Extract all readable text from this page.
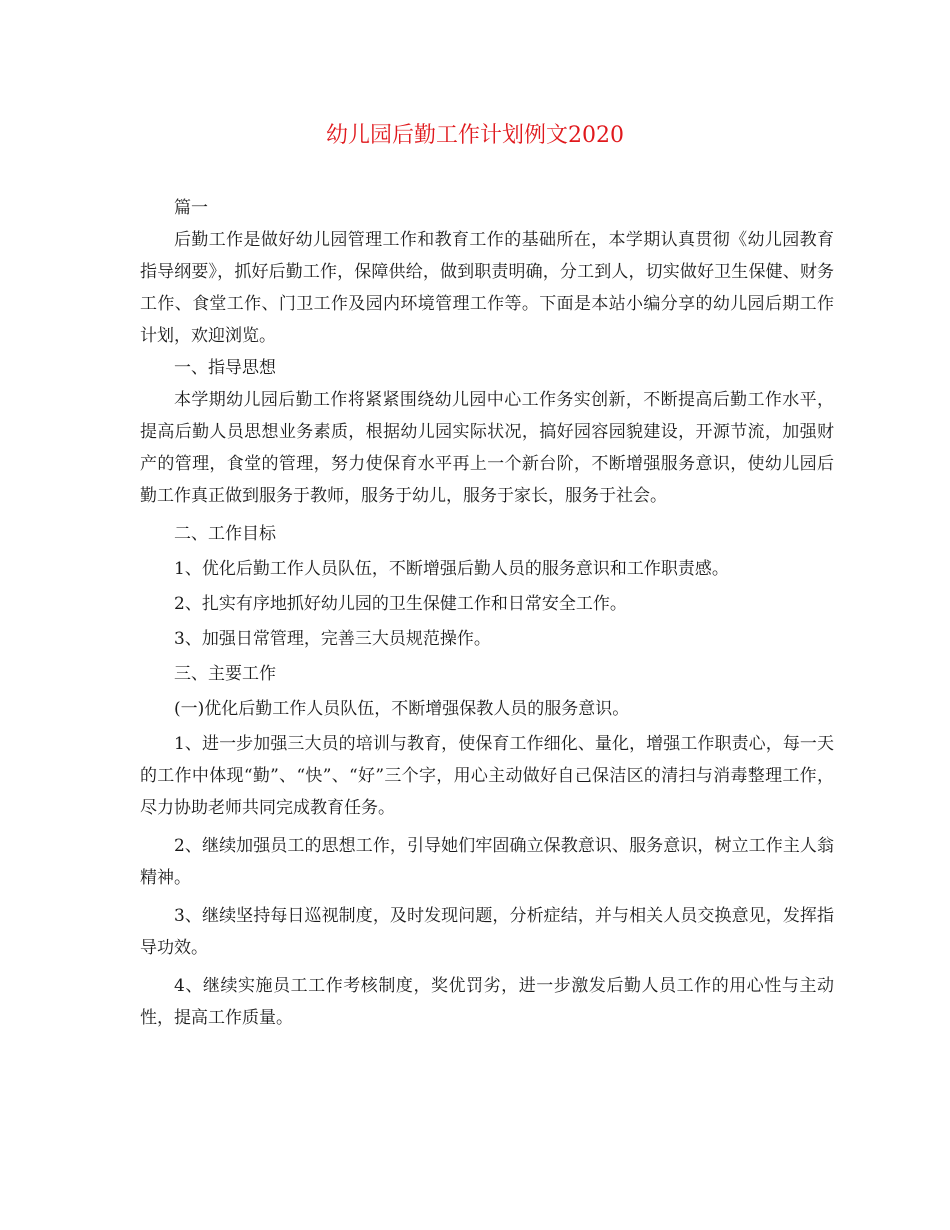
幼儿园后勤工作计划例文2020

篇一

后勤工作是做好幼儿园管理工作和教育工作的基础所在，本学期认真贯彻《幼儿园教育指导纲要》，抓好后勤工作，保障供给，做到职责明确，分工到人，切实做好卫生保健、财务工作、食堂工作、门卫工作及园内环境管理工作等。下面是本站小编分享的幼儿园后期工作计划，欢迎浏览。

一、指导思想

本学期幼儿园后勤工作将紧紧围绕幼儿园中心工作务实创新，不断提高后勤工作水平，提高后勤人员思想业务素质，根据幼儿园实际状况，搞好园容园貌建设，开源节流，加强财产的管理，食堂的管理，努力使保育水平再上一个新台阶，不断增强服务意识，使幼儿园后勤工作真正做到服务于教师，服务于幼儿，服务于家长，服务于社会。

二、工作目标

1、优化后勤工作人员队伍，不断增强后勤人员的服务意识和工作职责感。

2、扎实有序地抓好幼儿园的卫生保健工作和日常安全工作。

3、加强日常管理，完善三大员规范操作。

三、主要工作

(一)优化后勤工作人员队伍，不断增强保教人员的服务意识。

1、进一步加强三大员的培训与教育，使保育工作细化、量化，增强工作职责心，每一天的工作中体现“勤”、“快”、“好”三个字，用心主动做好自己保洁区的清扫与消毒整理工作，尽力协助老师共同完成教育任务。

2、继续加强员工的思想工作，引导她们牢固确立保教意识、服务意识，树立工作主人翁精神。

3、继续坚持每日巡视制度，及时发现问题，分析症结，并与相关人员交换意见，发挥指导功效。

4、继续实施员工工作考核制度，奖优罚劣，进一步激发后勤人员工作的用心性与主动性，提高工作质量。
